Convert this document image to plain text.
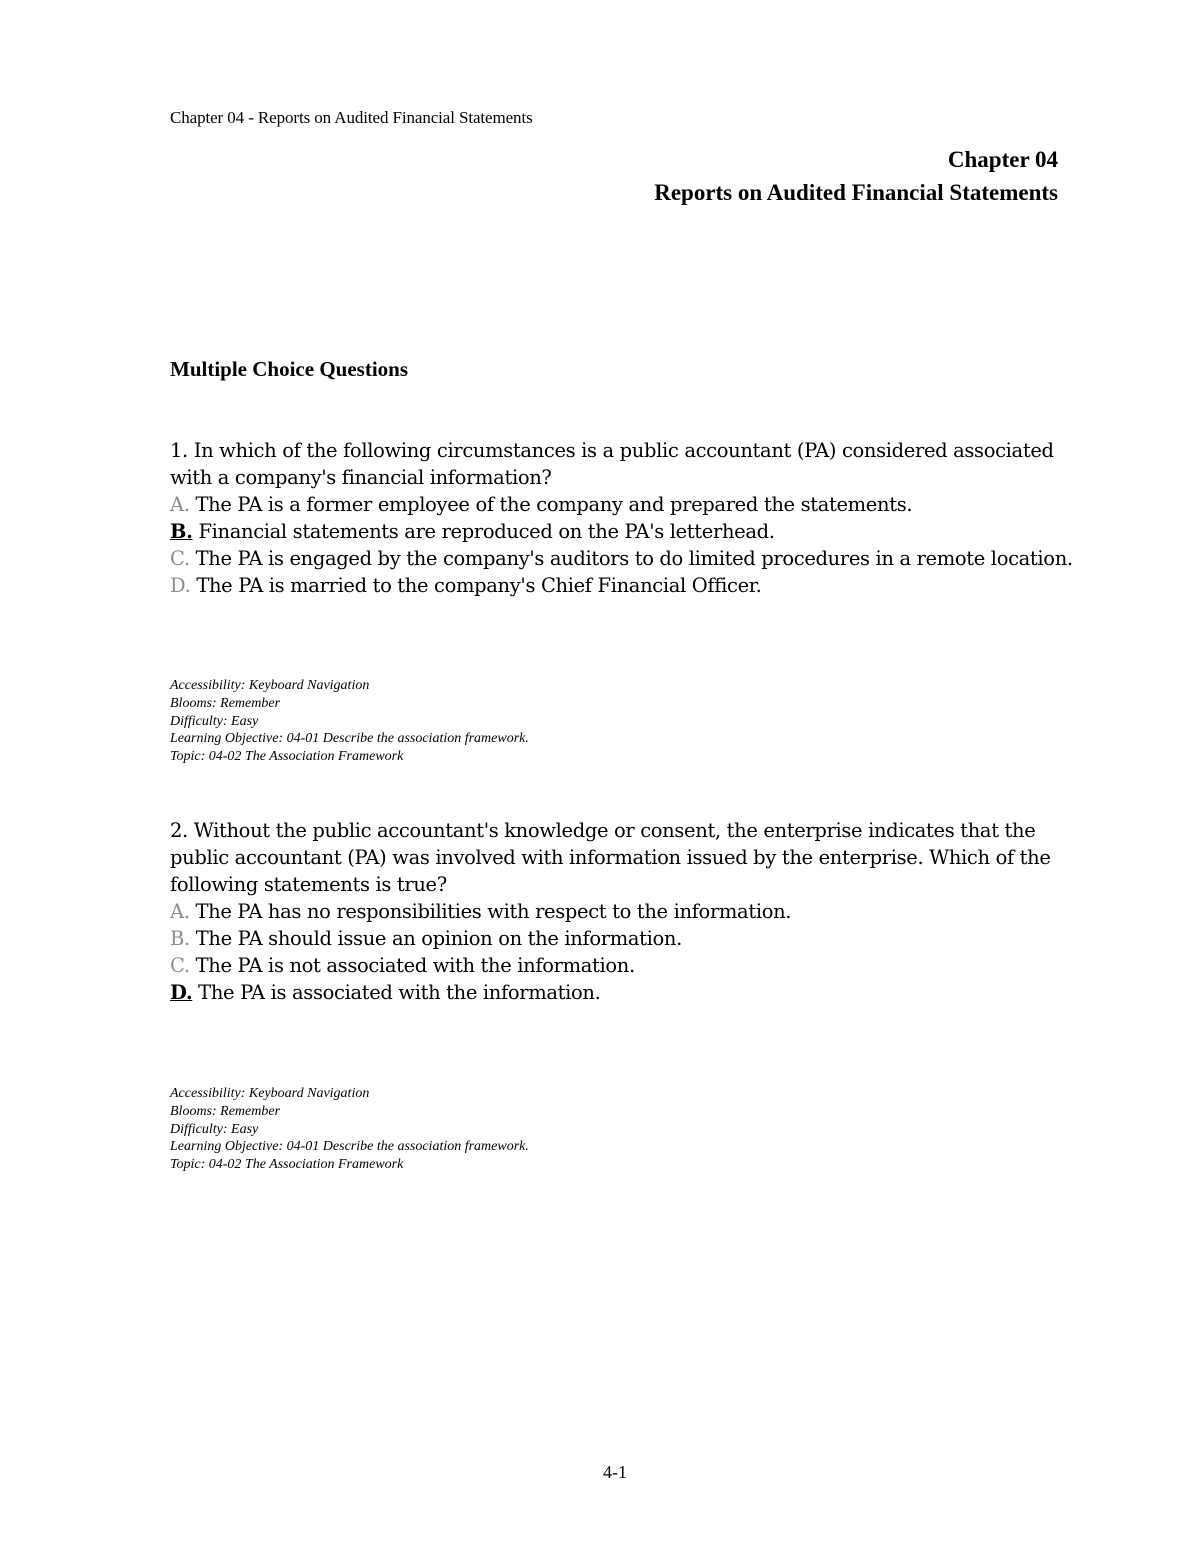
Chapter 04 - Reports on Audited Financial Statements
Chapter 04
Reports on Audited Financial Statements
Multiple Choice Questions

1. In which of the following circumstances is a public accountant (PA) considered associated

with a company's financial information?

A. The PA is a former employee of the company and prepared the statements.

B. Financial statements are reproduced on the PA's letterhead.

C. The PA is engaged by the company's auditors to do limited procedures in a remote location.

D. The PA is married to the company's Chief Financial Officer.

Accessibility: Keyboard Navigation
Blooms: Remember
Difficulty: Easy
Learning Objective: 04-01 Describe the association framework.
Topic: 04-02 The Association Framework

2. Without the public accountant's knowledge or consent, the enterprise indicates that the

public accountant (PA) was involved with information issued by the enterprise. Which of the

following statements is true?

A. The PA has no responsibilities with respect to the information.

B. The PA should issue an opinion on the information.

C. The PA is not associated with the information.

D. The PA is associated with the information.

Accessibility: Keyboard Navigation
Blooms: Remember
Difficulty: Easy
Learning Objective: 04-01 Describe the association framework.
Topic: 04-02 The Association Framework
4-1
